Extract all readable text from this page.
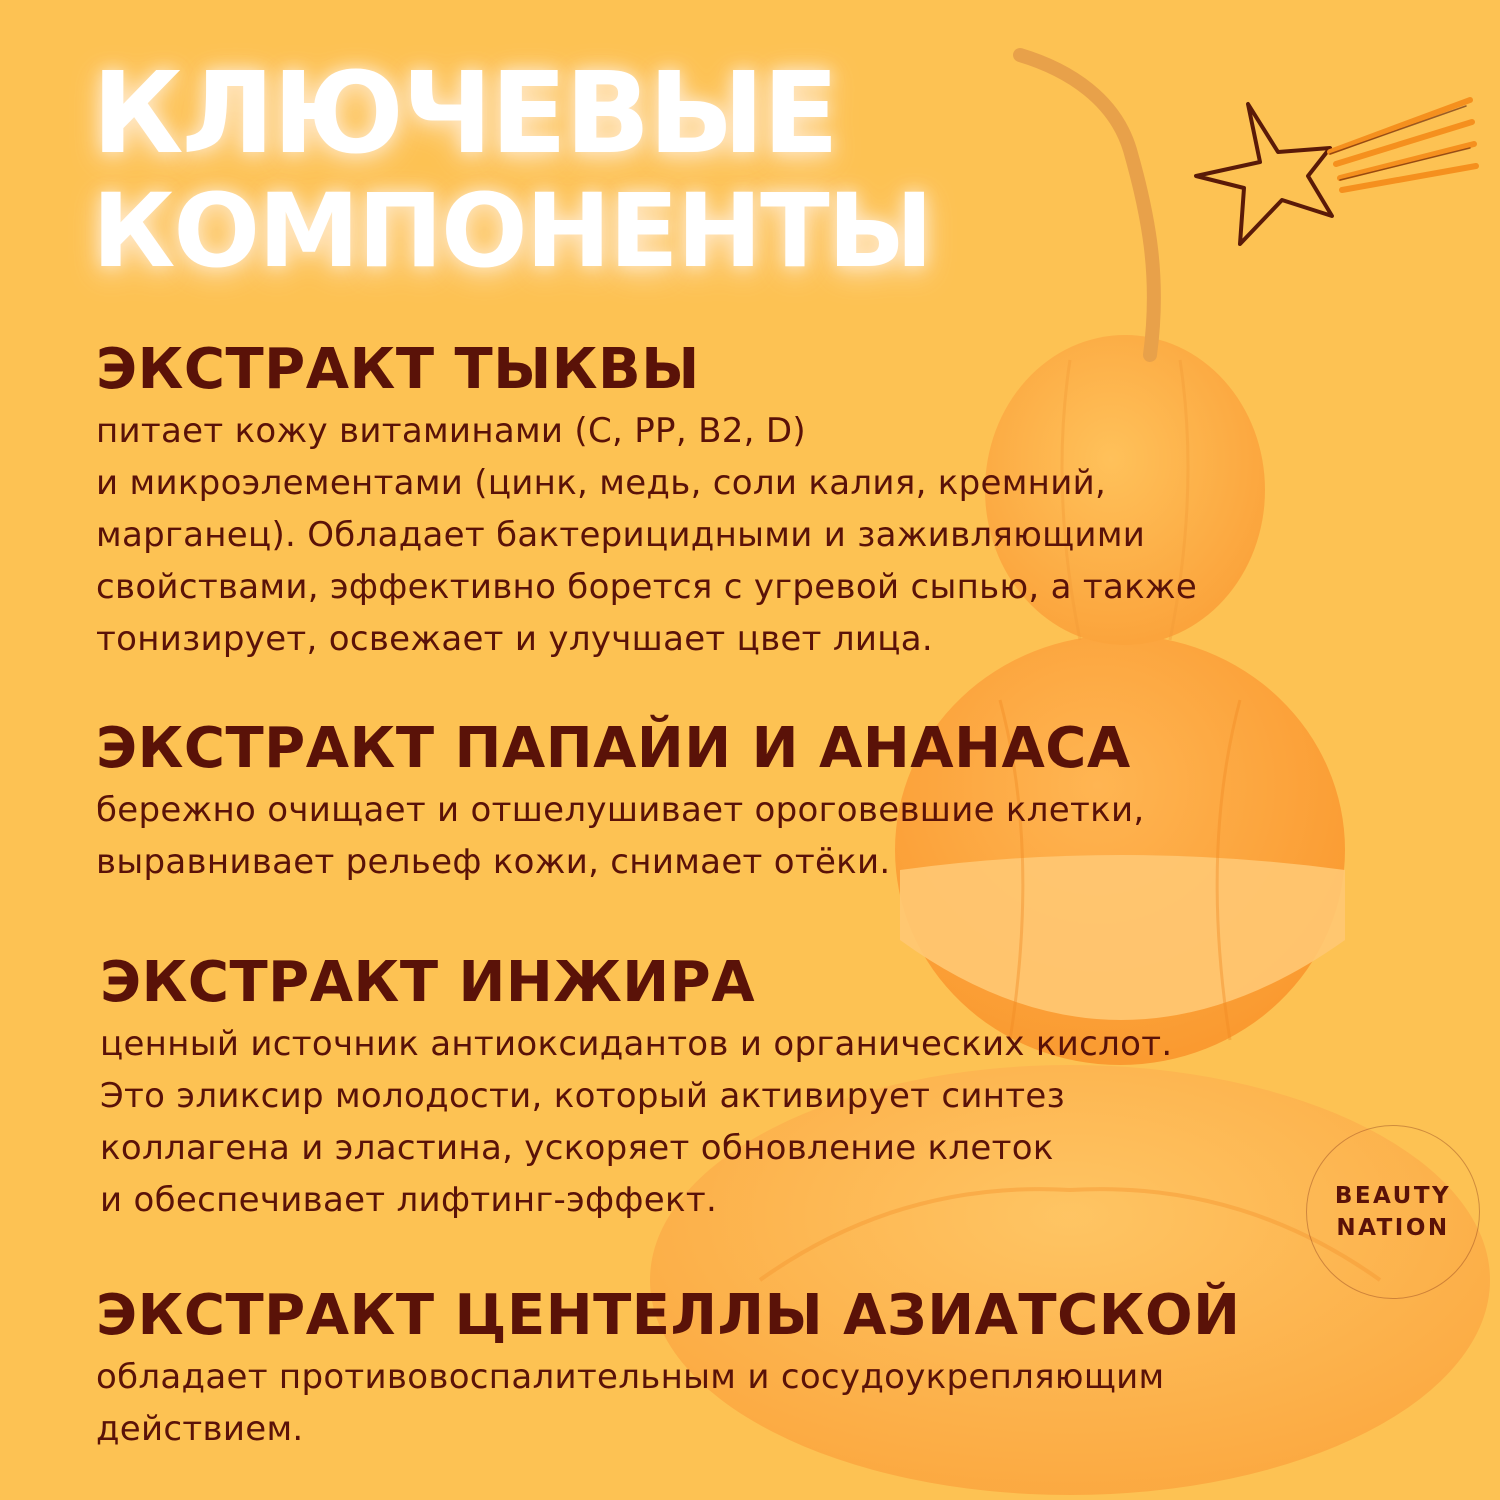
КЛЮЧЕВЫЕ
КОМПОНЕНТЫ
ЭКСТРАКТ ТЫКВЫ

питает кожу витаминами (С, PP, B2, D)
и микроэлементами (цинк, медь, соли калия, кремний,
марганец). Обладает бактерицидными и заживляющими
свойствами, эффективно борется с угревой сыпью, а также
тонизирует, освежает и улучшает цвет лица.

ЭКСТРАКТ ПАПАЙИ И АНАНАСА

бережно очищает и отшелушивает ороговевшие клетки,
выравнивает рельеф кожи, снимает отёки.

ЭКСТРАКТ ИНЖИРА

ценный источник антиоксидантов и органических кислот.
Это эликсир молодости, который активирует синтез
коллагена и эластина, ускоряет обновление клеток
и обеспечивает лифтинг-эффект.

ЭКСТРАКТ ЦЕНТЕЛЛЫ АЗИАТСКОЙ

обладает противовоспалительным и сосудоукрепляющим
действием.

BEAUTY
NATION
